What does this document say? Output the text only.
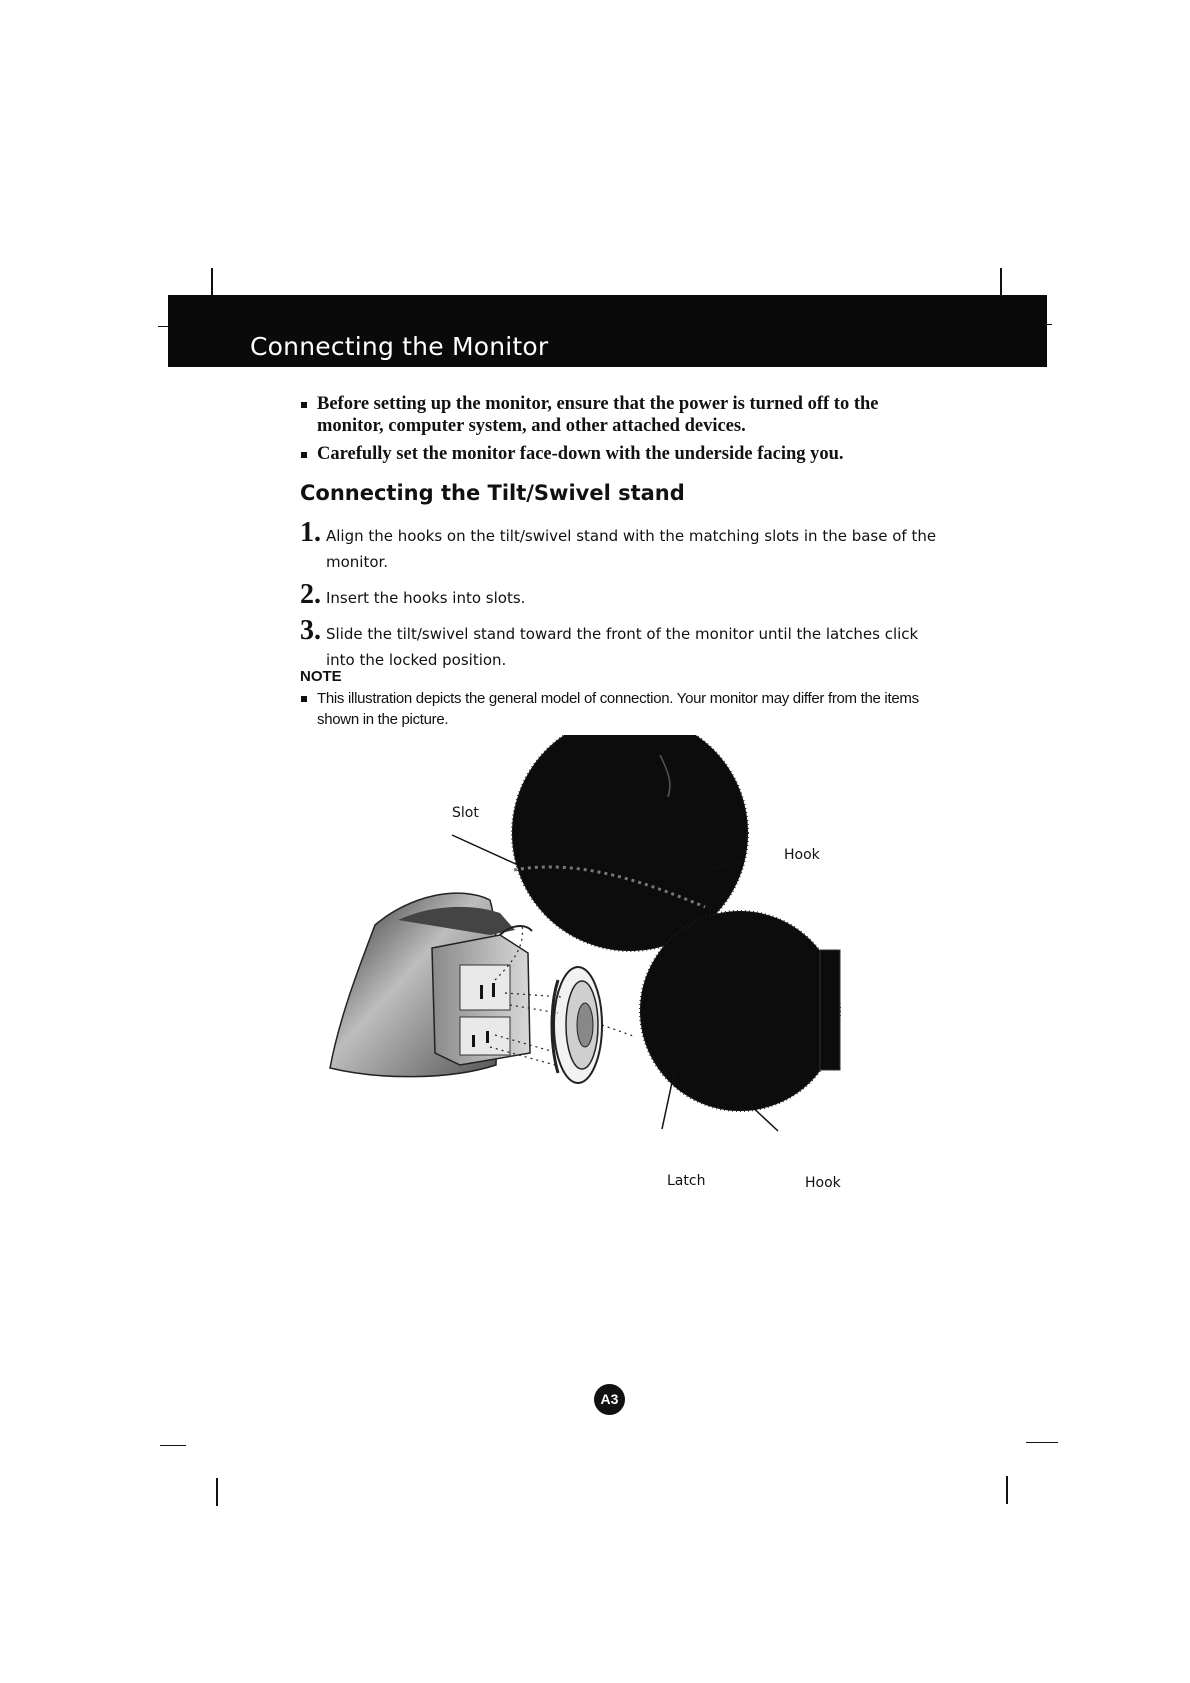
Connecting the Monitor
Before setting up the monitor, ensure that the power is turned off to the monitor, computer system, and other attached devices.
Carefully set the monitor face-down with the underside facing you.
Connecting the Tilt/Swivel stand
1. Align the hooks on the tilt/swivel stand with the matching slots in the base of the monitor.
2. Insert the hooks into slots.
3. Slide the tilt/swivel stand toward the front of the monitor until the latches click into the locked position.
NOTE
This illustration depicts the general model of connection. Your monitor may differ from the items shown in the picture.
Slot
Hook
Latch	Hook
A3
